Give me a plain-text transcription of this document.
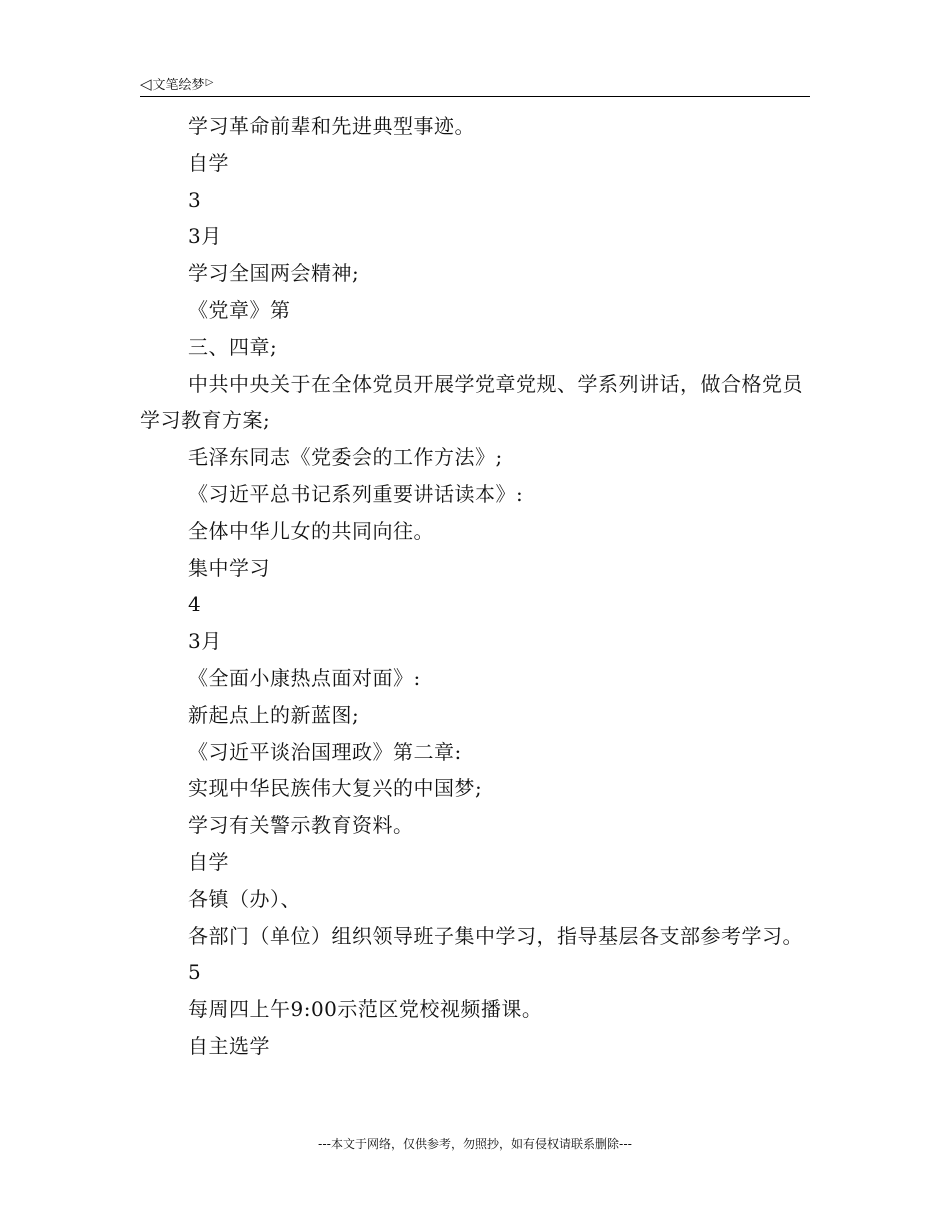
◁文笔绘梦▷

学习革命前辈和先进典型事迹。

自学

3

3月

学习全国两会精神;

《党章》第

三、四章;

中共中央关于在全体党员开展学党章党规、学系列讲话，做合格党员学习教育方案;

毛泽东同志《党委会的工作方法》;

《习近平总书记系列重要讲话读本》:

全体中华儿女的共同向往。

集中学习

4

3月

《全面小康热点面对面》:

新起点上的新蓝图;

《习近平谈治国理政》第二章:

实现中华民族伟大复兴的中国梦;

学习有关警示教育资料。

自学

各镇（办）、

各部门（单位）组织领导班子集中学习，指导基层各支部参考学习。

5

每周四上午9:00示范区党校视频播课。

自主选学

---本文于网络，仅供参考，勿照抄，如有侵权请联系删除---
